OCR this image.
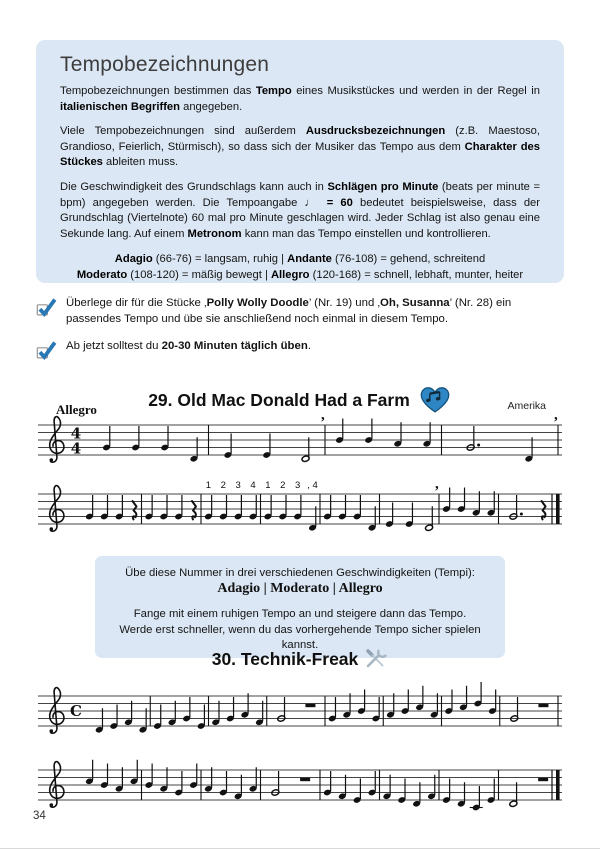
Tempobezeichnungen

Tempobezeichnungen bestimmen das Tempo eines Musikstückes und werden in der Regel in italienischen Begriffen angegeben.

Viele Tempobezeichnungen sind außerdem Ausdrucksbezeichnungen (z.B. Maestoso, Grandioso, Feierlich, Stürmisch), so dass sich der Musiker das Tempo aus dem Charakter des Stückes ableiten muss.

Die Geschwindigkeit des Grundschlags kann auch in Schlägen pro Minute (beats per minute = bpm) angegeben werden. Die Tempoangabe ♩ = 60 bedeutet beispielsweise, dass der Grundschlag (Viertelnote) 60 mal pro Minute geschlagen wird. Jeder Schlag ist also genau eine Sekunde lang. Auf einem Metronom kann man das Tempo einstellen und kontrollieren.

Adagio (66-76) = langsam, ruhig | Andante (76-108) = gehend, schreitend
Moderato (108-120) = mäßig bewegt | Allegro (120-168) = schnell, lebhaft, munter, heiter

Überlege dir für die Stücke ‚Polly Wolly Doodle’ (Nr. 19) und ‚Oh, Susanna’ (Nr. 28) ein passendes Tempo und übe sie anschließend noch einmal in diesem Tempo.

Ab jetzt solltest du 20-30 Minuten täglich üben.

29. Old Mac Donald Had a Farm	Amerika
Allegro
4
4
,	,
1 2 3 4 1 2 3 , 4	,
Übe diese Nummer in drei verschiedenen Geschwindigkeiten (Tempi):
Adagio | Moderato | Allegro
Fange mit einem ruhigen Tempo an und steigere dann das Tempo.
Werde erst schneller, wenn du das vorhergehende Tempo sicher spielen kannst.
30. Technik-Freak
C
34
